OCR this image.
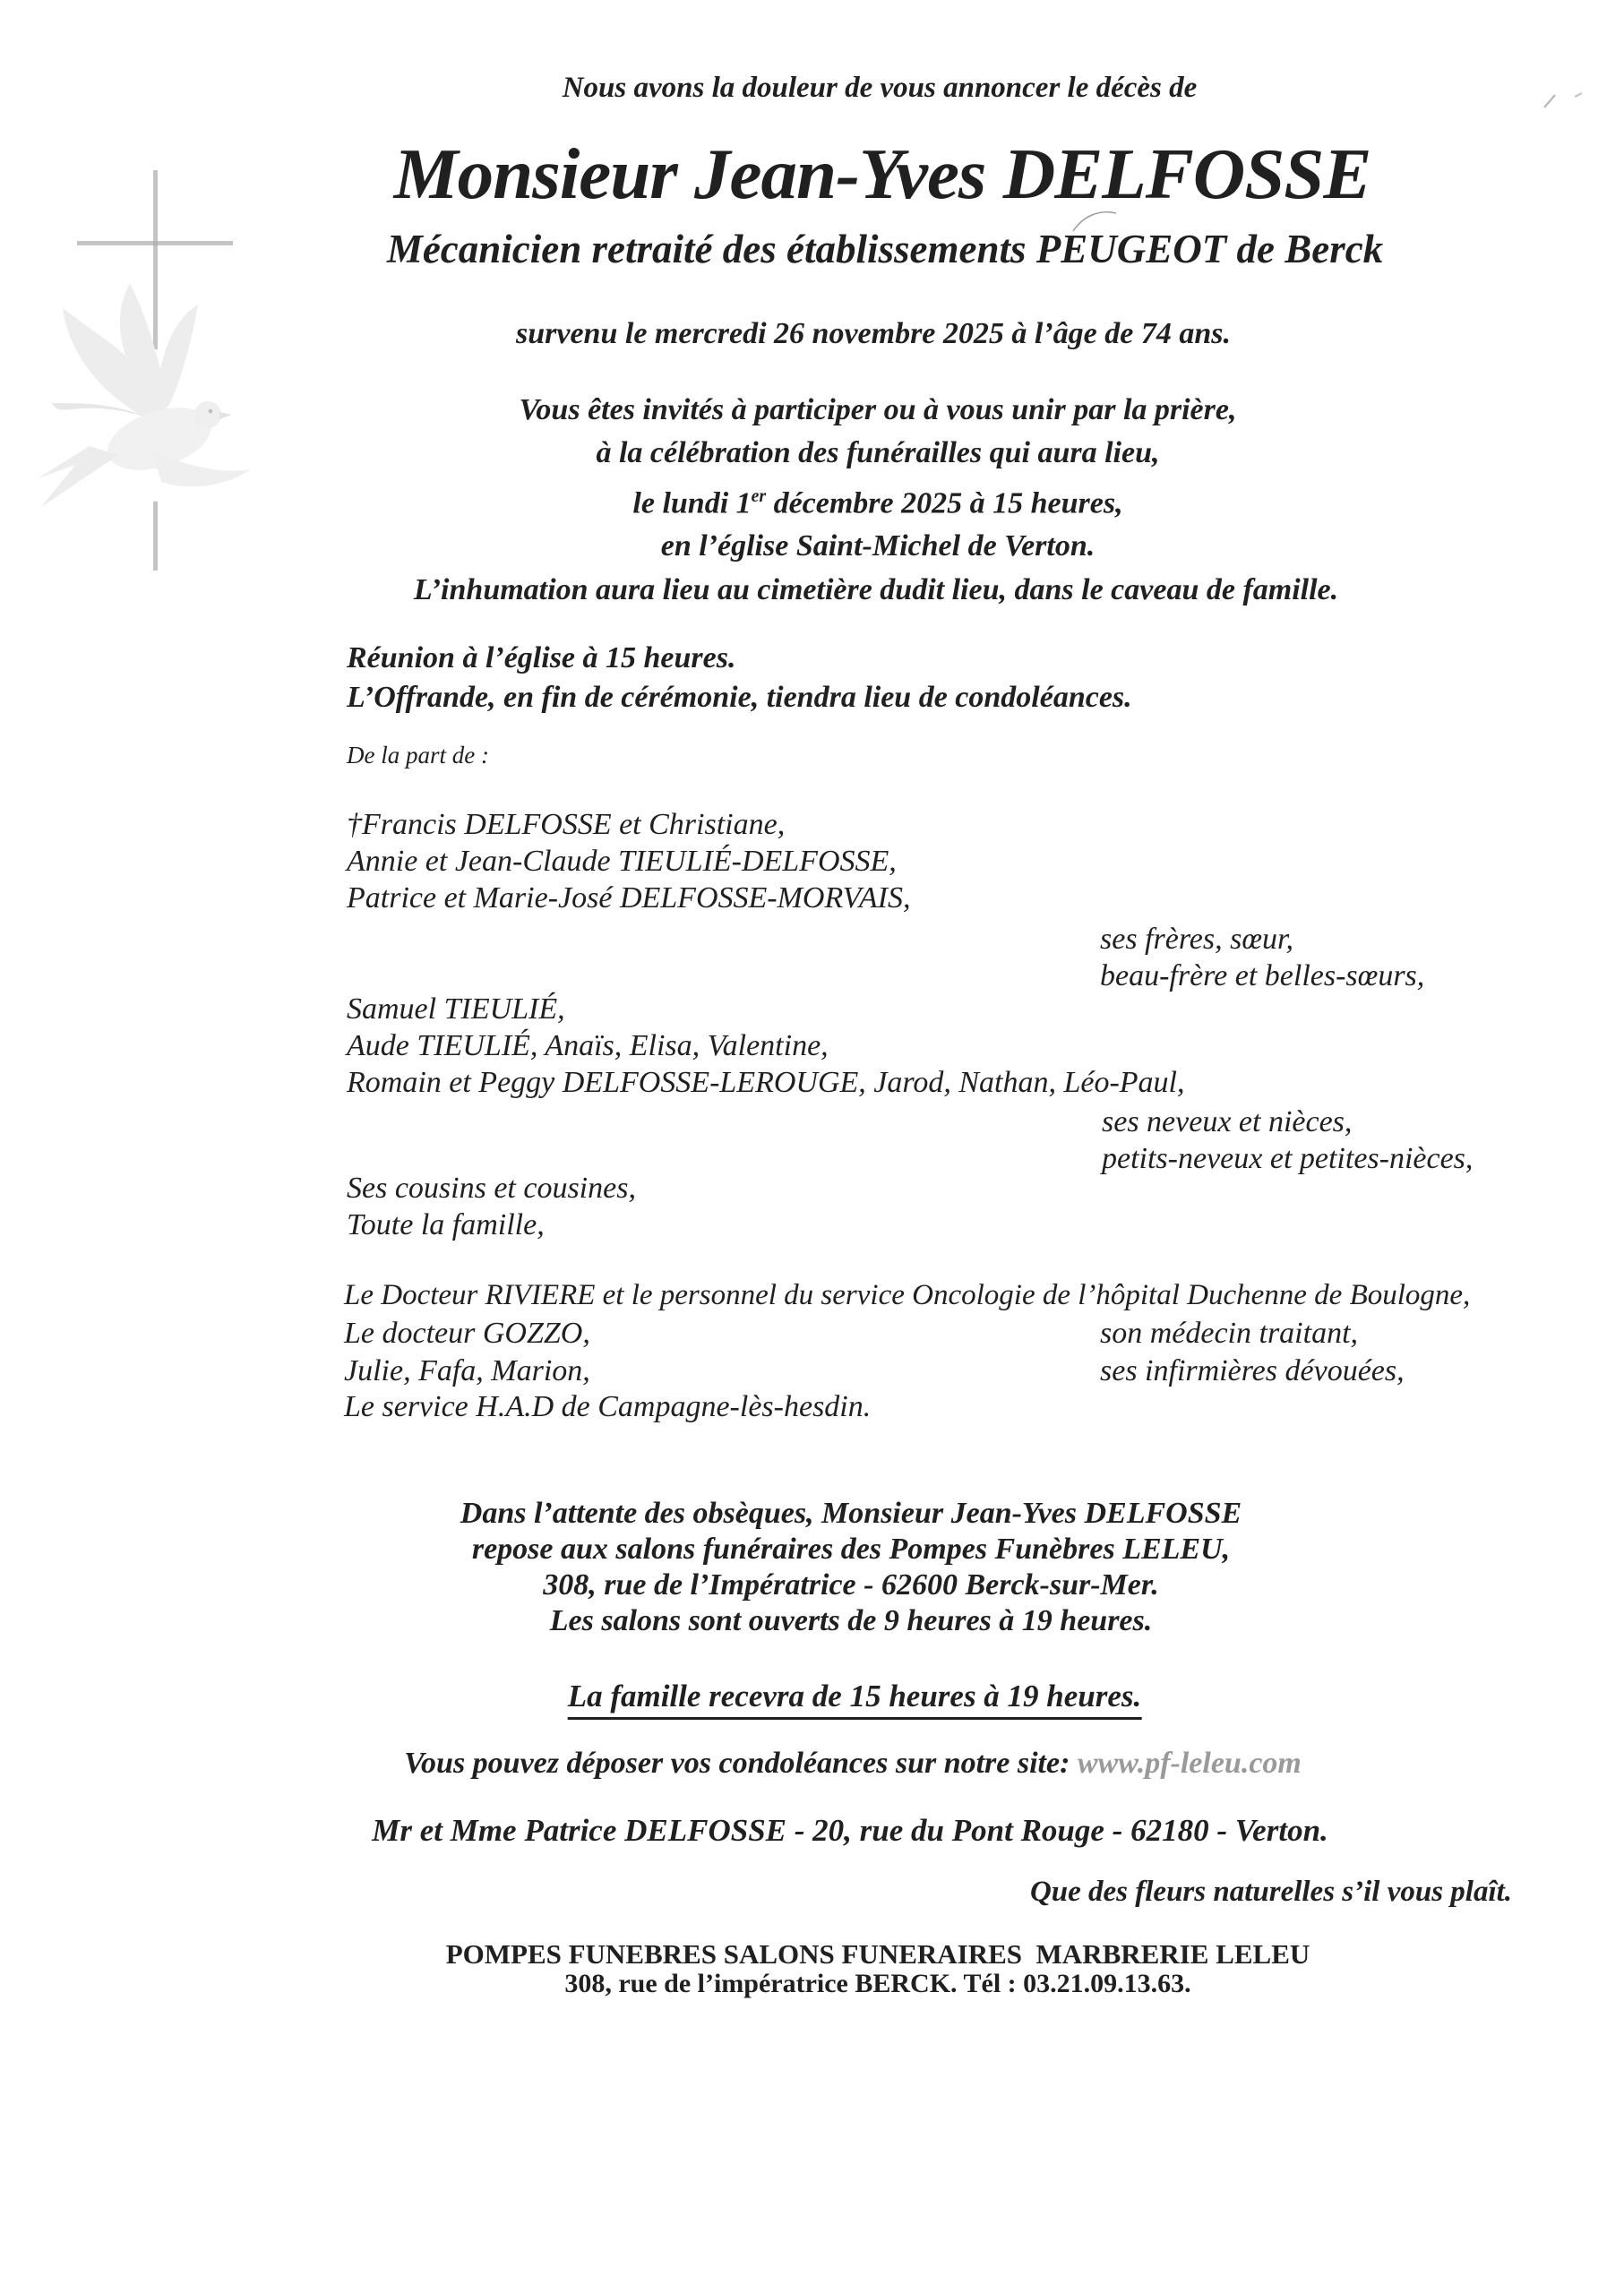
Nous avons la douleur de vous annoncer le décès de
Monsieur Jean-Yves DELFOSSE
Mécanicien retraité des établissements PEUGEOT de Berck
survenu le mercredi 26 novembre 2025 à l’âge de 74 ans.
Vous êtes invités à participer ou à vous unir par la prière,
à la célébration des funérailles qui aura lieu,
le lundi 1er décembre 2025 à 15 heures,
en l’église Saint-Michel de Verton.
L’inhumation aura lieu au cimetière dudit lieu, dans le caveau de famille.
Réunion à l’église à 15 heures.
L’Offrande, en fin de cérémonie, tiendra lieu de condoléances.
De la part de :
†Francis DELFOSSE et Christiane,
Annie et Jean-Claude TIEULIÉ-DELFOSSE,
Patrice et Marie-José DELFOSSE-MORVAIS,
ses frères, sœur,
beau-frère et belles-sœurs,
Samuel TIEULIÉ,
Aude TIEULIÉ, Anaïs, Elisa, Valentine,
Romain et Peggy DELFOSSE-LEROUGE, Jarod, Nathan, Léo-Paul,
ses neveux et nièces,
petits-neveux et petites-nièces,
Ses cousins et cousines,
Toute la famille,
Le Docteur RIVIERE et le personnel du service Oncologie de l’hôpital Duchenne de Boulogne,
Le docteur GOZZO,	son médecin traitant,
Julie, Fafa, Marion,	ses infirmières dévouées,
Le service H.A.D de Campagne-lès-hesdin.
Dans l’attente des obsèques, Monsieur Jean-Yves DELFOSSE
repose aux salons funéraires des Pompes Funèbres LELEU,
308, rue de l’Impératrice - 62600 Berck-sur-Mer.
Les salons sont ouverts de 9 heures à 19 heures.
La famille recevra de 15 heures à 19 heures.
Vous pouvez déposer vos condoléances sur notre site: www.pf-leleu.com
Mr et Mme Patrice DELFOSSE - 20, rue du Pont Rouge - 62180 - Verton.
Que des fleurs naturelles s’il vous plaît.
POMPES FUNEBRES SALONS FUNERAIRES  MARBRERIE LELEU
308, rue de l’impératrice BERCK. Tél : 03.21.09.13.63.
